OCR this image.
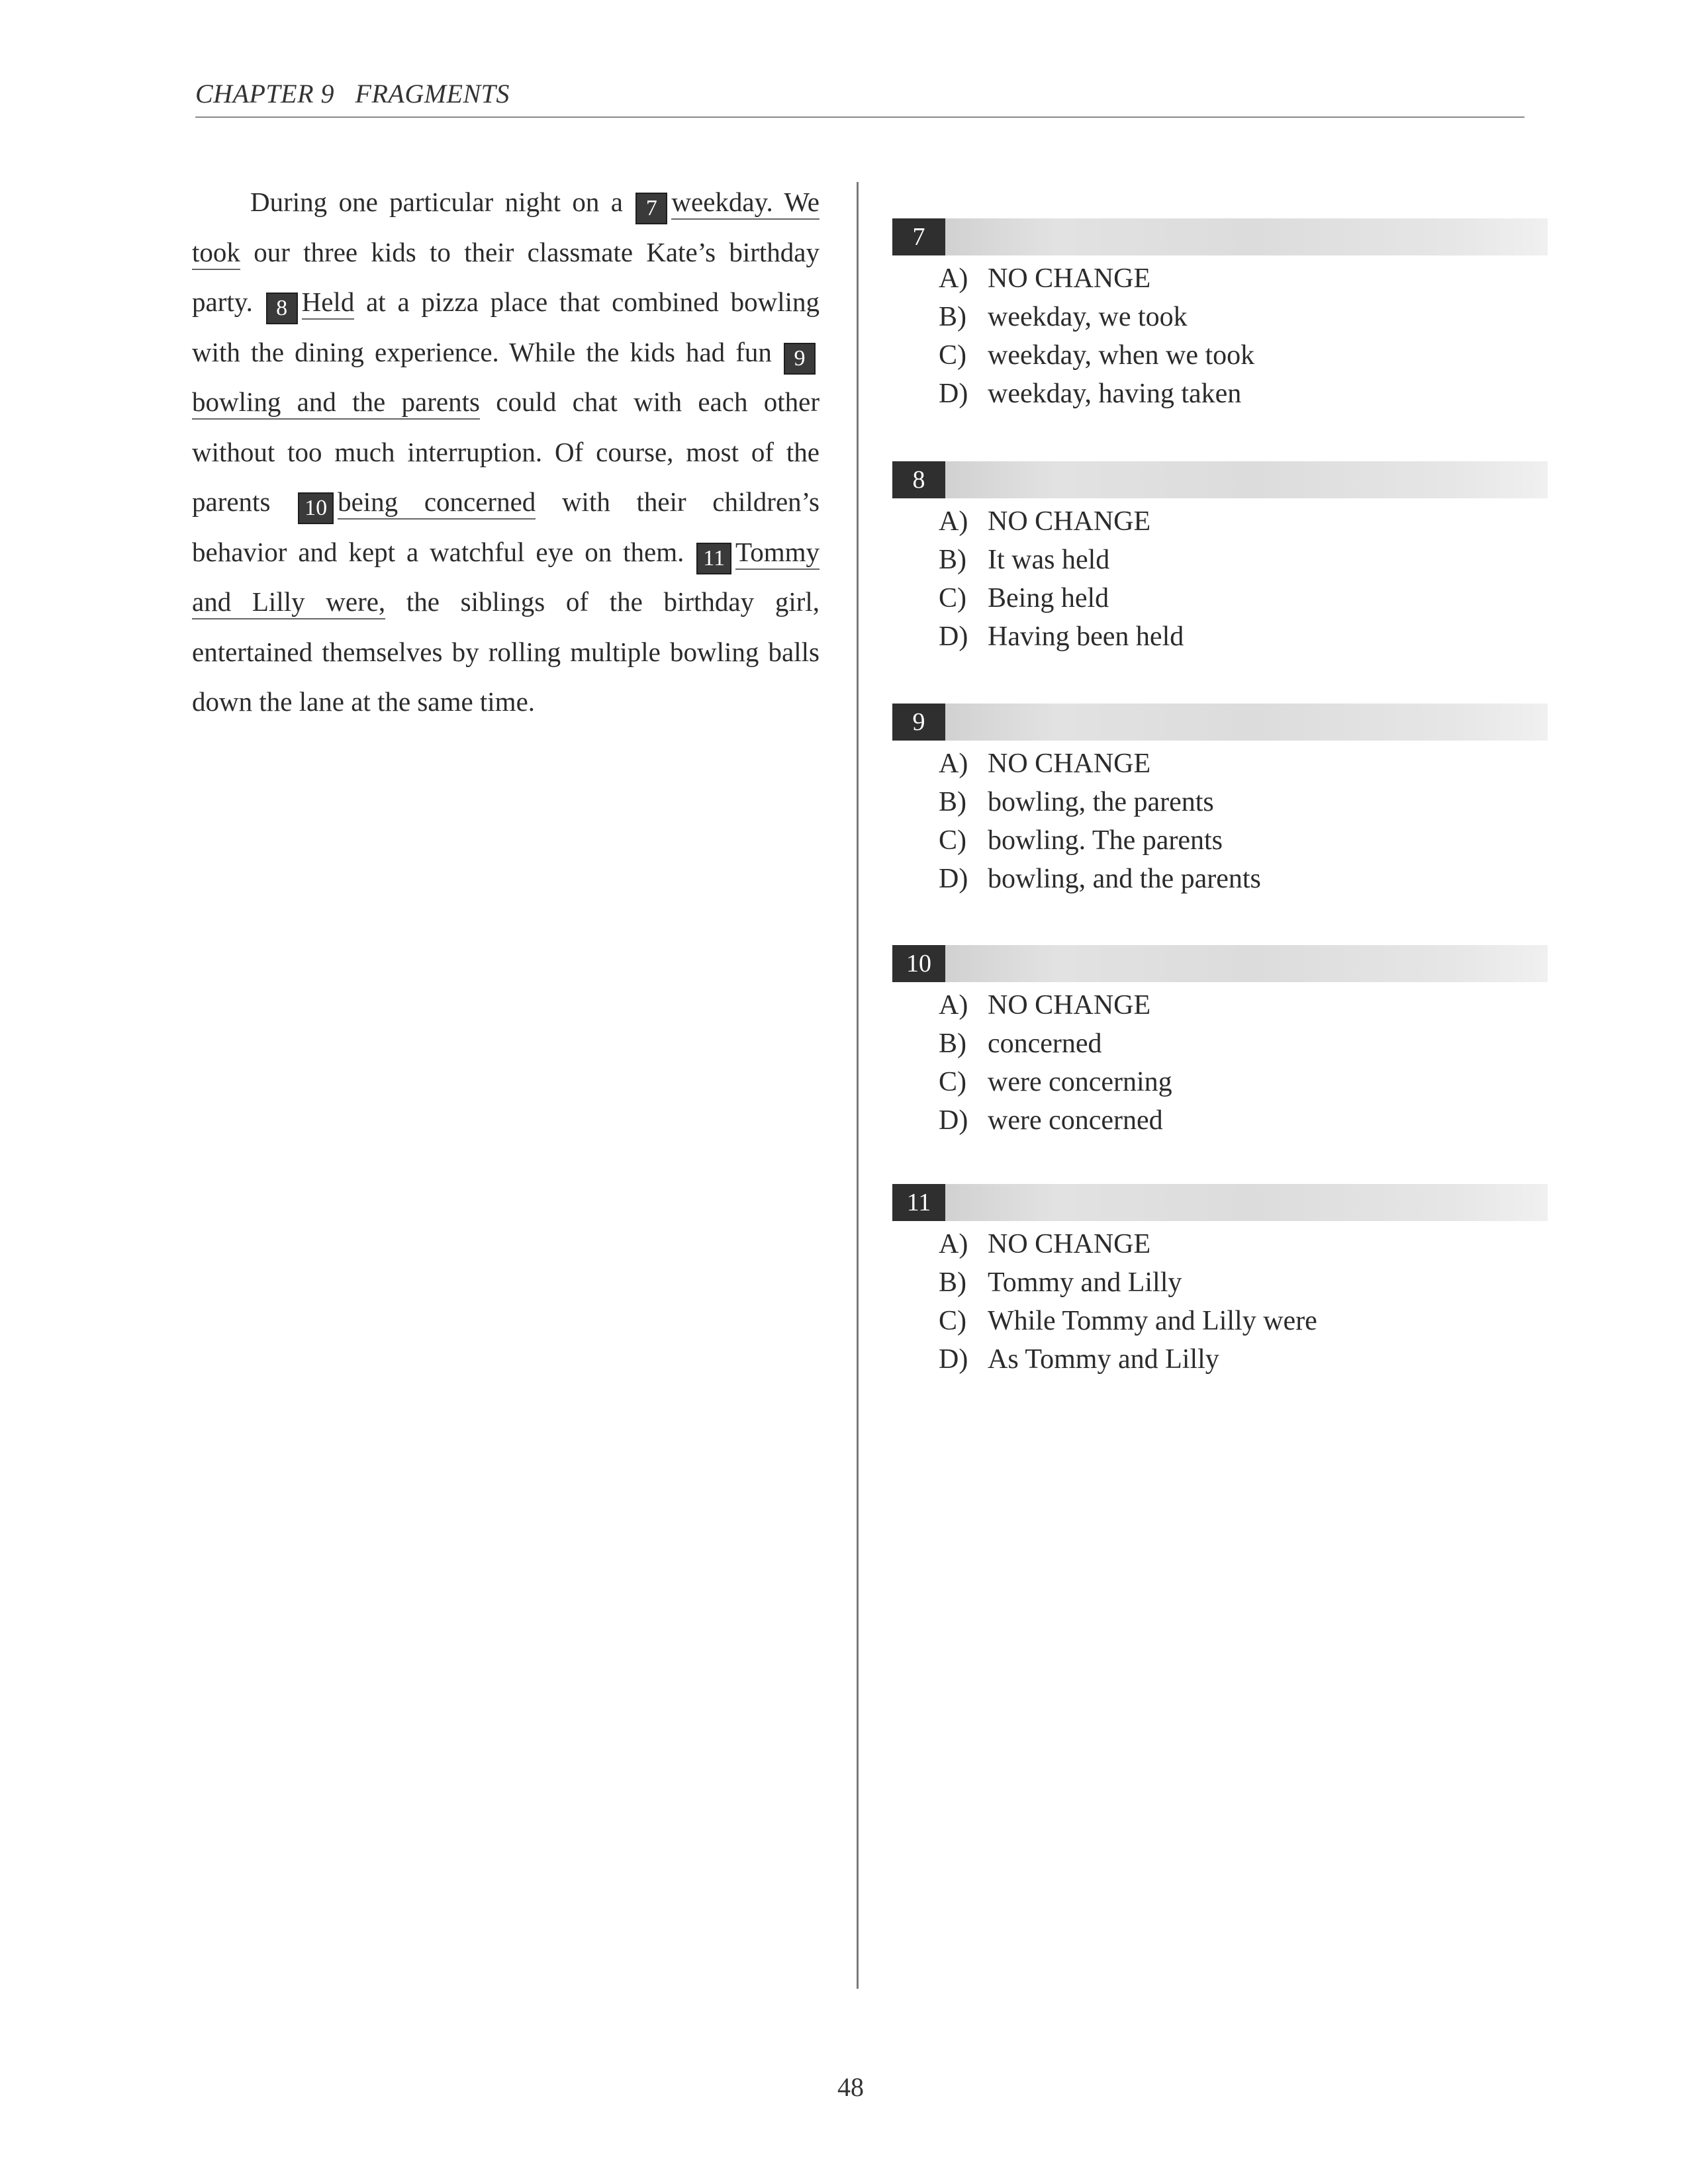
CHAPTER 9 FRAGMENTS
During one particular night on a 7 weekday. We took our three kids to their classmate Kate’s birthday party. 8 Held at a pizza place that combined bowling with the dining experience. While the kids had fun 9bowling and the parents could chat with each other without too much interruption. Of course, most of the parents 10 being concerned with their children’s behavior and kept a watchful eye on them. 11 Tommy and Lilly were, the siblings of the birthday girl, entertained themselves by rolling multiple bowling balls down the lane at the same time.
7
A) NO CHANGE
B) weekday, we took
C) weekday, when we took
D) weekday, having taken
8
A) NO CHANGE
B) It was held
C) Being held
D) Having been held
9
A) NO CHANGE
B) bowling, the parents
C) bowling. The parents
D) bowling, and the parents
10
A) NO CHANGE
B) concerned
C) were concerning
D) were concerned
11
A) NO CHANGE
B) Tommy and Lilly
C) While Tommy and Lilly were
D) As Tommy and Lilly
48
